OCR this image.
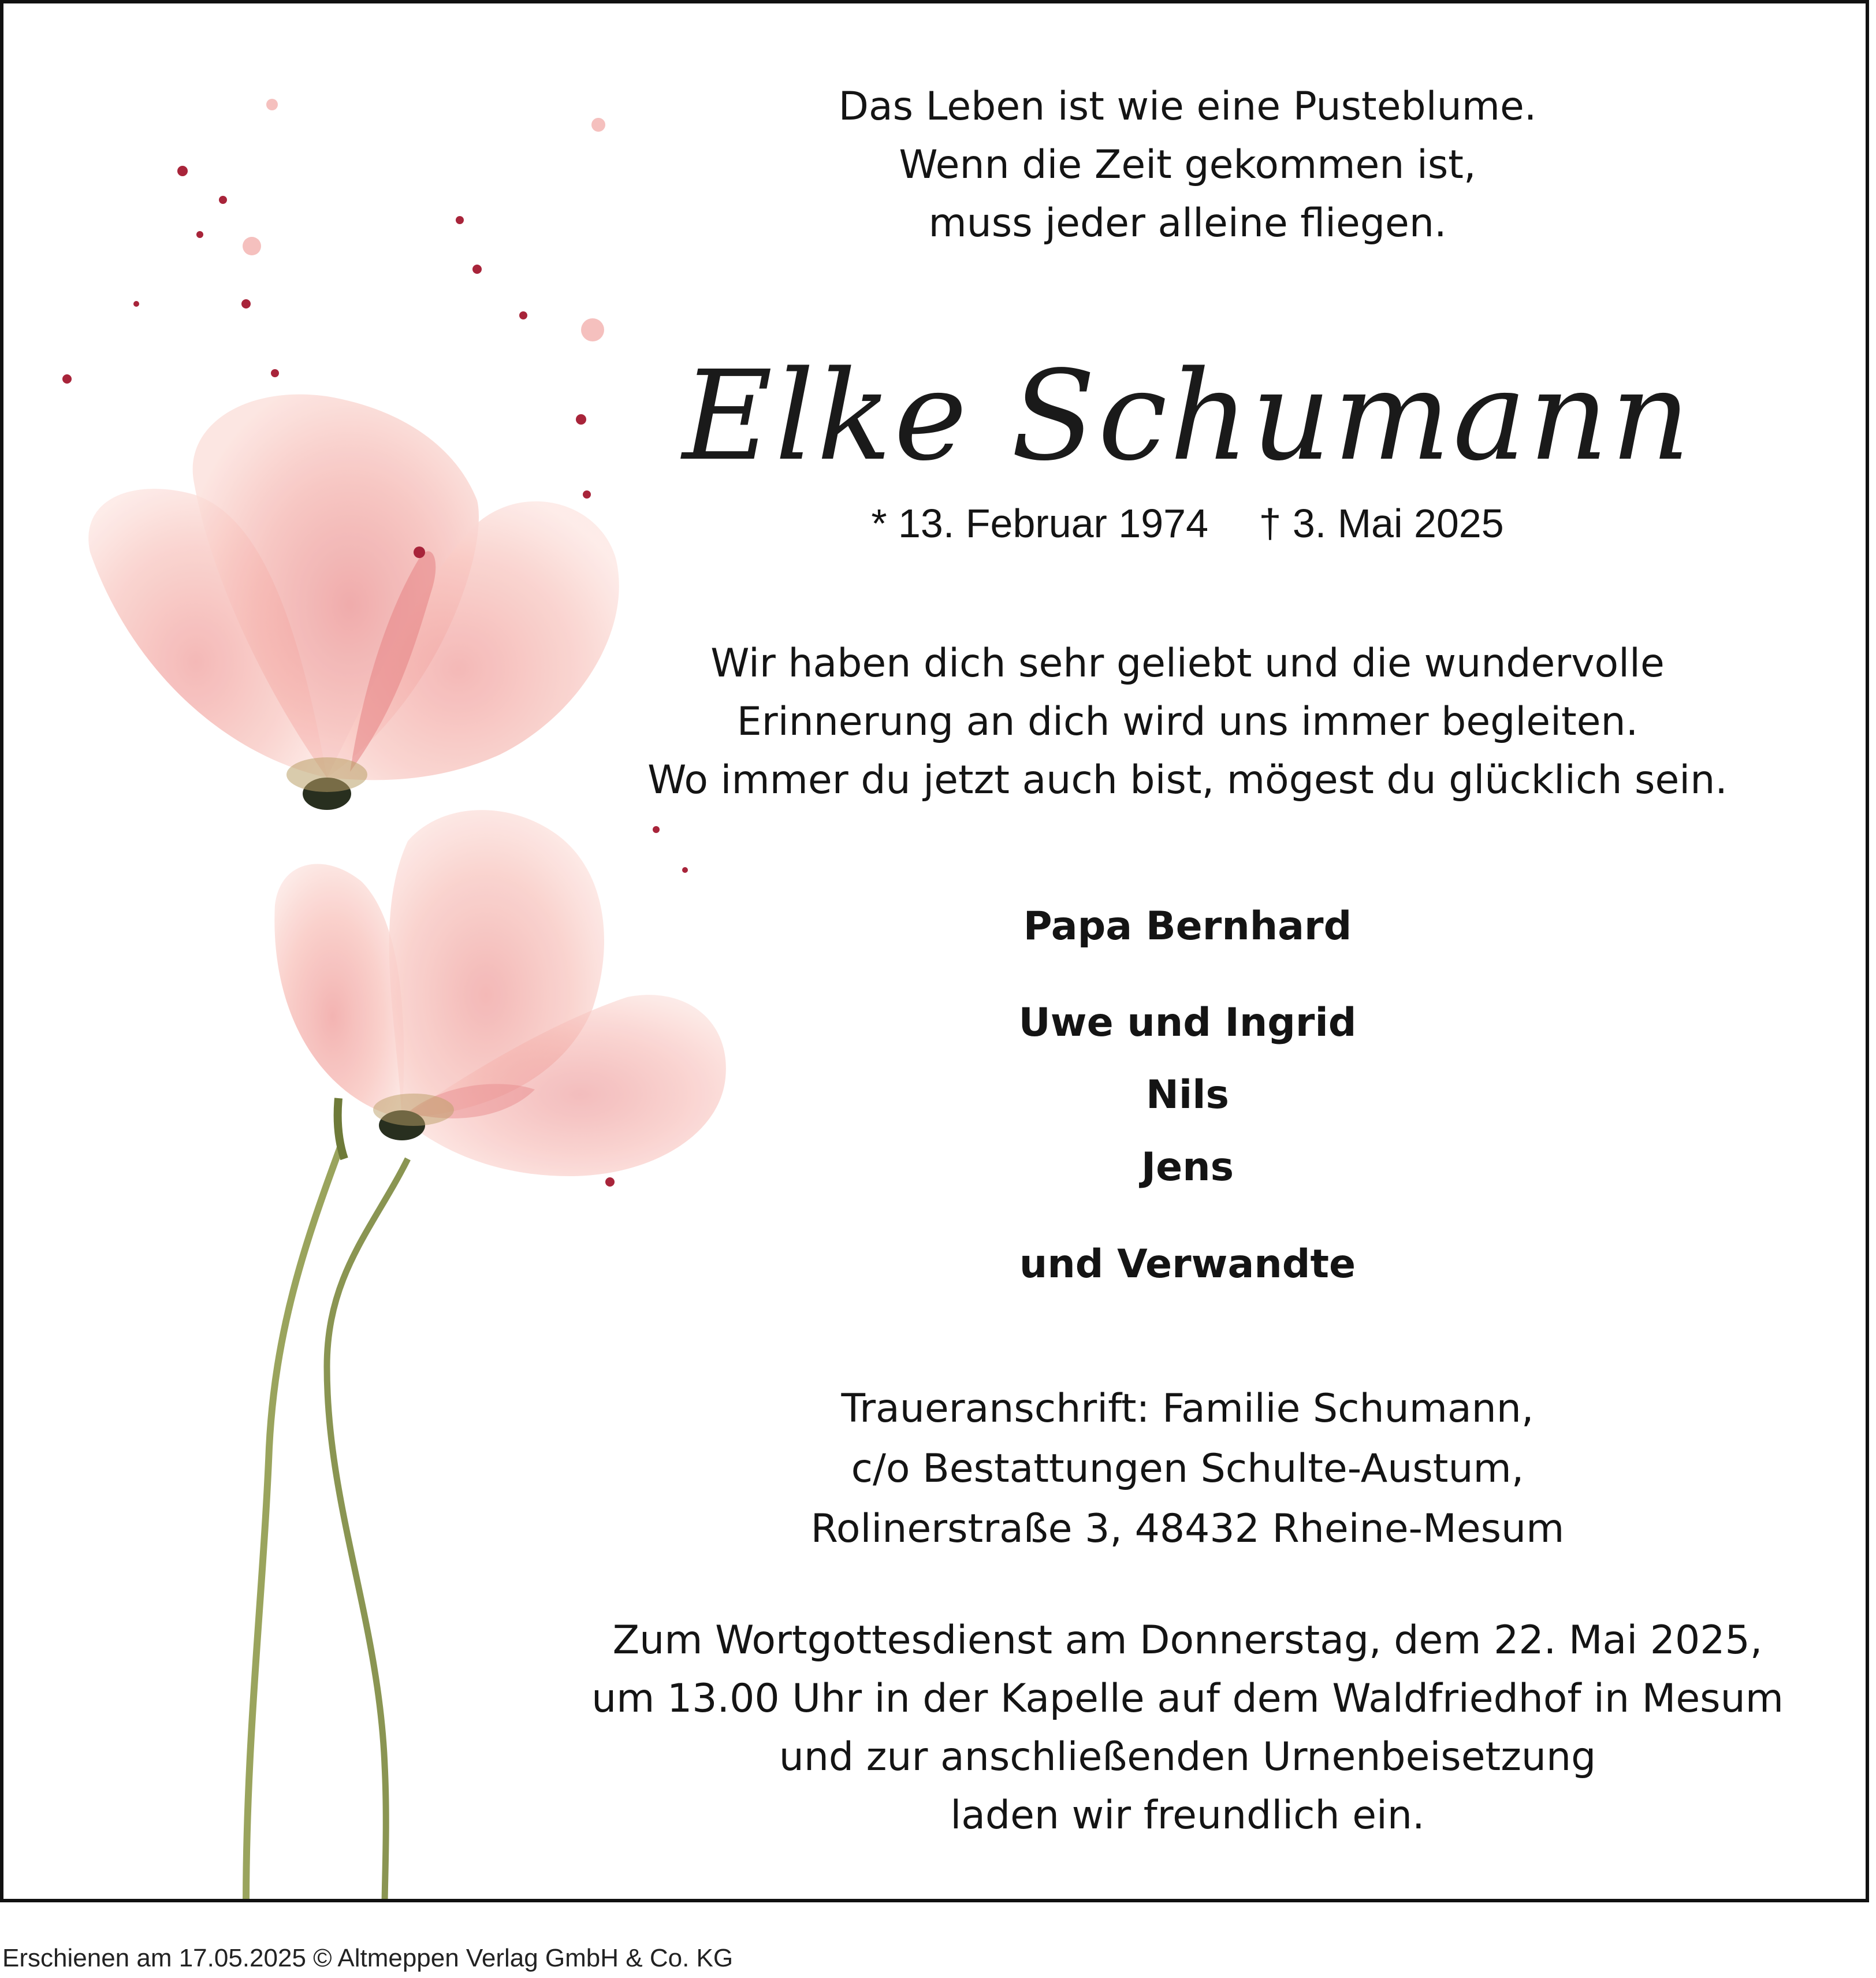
Das Leben ist wie eine Pusteblume.
Wenn die Zeit gekommen ist,
muss jeder alleine fliegen.
Elke Schumann
* 13. Februar 1974 † 3. Mai 2025
Wir haben dich sehr geliebt und die wundervolle
Erinnerung an dich wird uns immer begleiten.
Wo immer du jetzt auch bist, mögest du glücklich sein.
Papa Bernhard
Uwe und Ingrid
Nils
Jens
und Verwandte
Traueranschrift: Familie Schumann,
c/o Bestattungen Schulte-Austum,
Rolinerstraße 3, 48432 Rheine-Mesum
Zum Wortgottesdienst am Donnerstag, dem 22. Mai 2025,
um 13.00 Uhr in der Kapelle auf dem Waldfriedhof in Mesum
und zur anschließenden Urnenbeisetzung
laden wir freundlich ein.
Erschienen am 17.05.2025 © Altmeppen Verlag GmbH & Co. KG
